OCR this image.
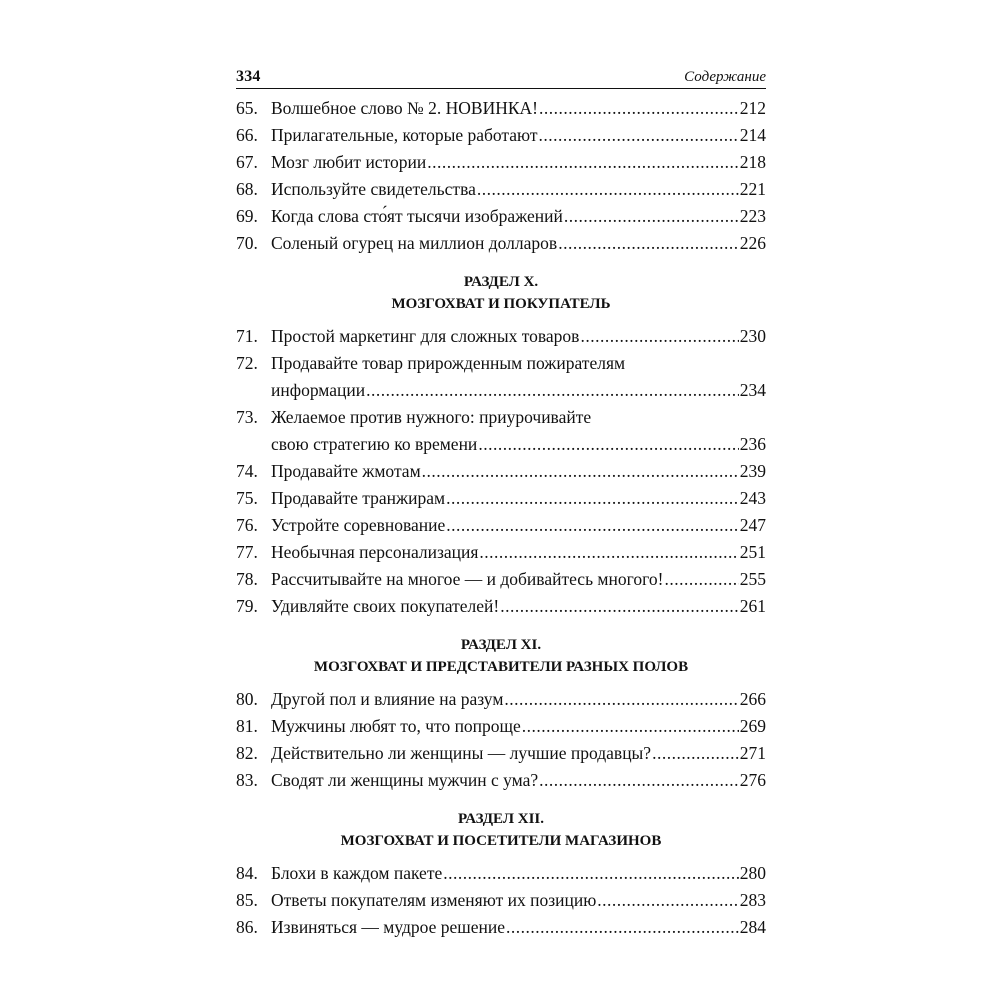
334	Содержание
65. Волшебное слово № 2. НОВИНКА! .....	212
66. Прилагательные, которые работают .....	214
67. Мозг любит истории .....	218
68. Используйте свидетельства .....	221
69. Когда слова сто́ят тысячи изображений .....	223
70. Соленый огурец на миллион долларов .....	226
РАЗДЕЛ X.
МОЗГОХВАТ И ПОКУПАТЕЛЬ
71. Простой маркетинг для сложных товаров .....	230
72. Продавайте товар прирожденным пожирателям
информации .....	234
73. Желаемое против нужного: приурочивайте
свою стратегию ко времени .....	236
74. Продавайте жмотам .....	239
75. Продавайте транжирам .....	243
76. Устройте соревнование .....	247
77. Необычная персонализация .....	251
78. Рассчитывайте на многое — и добивайтесь многого! .....	255
79. Удивляйте своих покупателей! .....	261
РАЗДЕЛ XI.
МОЗГОХВАТ И ПРЕДСТАВИТЕЛИ РАЗНЫХ ПОЛОВ
80. Другой пол и влияние на разум .....	266
81. Мужчины любят то, что попроще .....	269
82. Действительно ли женщины — лучшие продавцы? .....	271
83. Сводят ли женщины мужчин с ума? .....	276
РАЗДЕЛ XII.
МОЗГОХВАТ И ПОСЕТИТЕЛИ МАГАЗИНОВ
84. Блохи в каждом пакете .....	280
85. Ответы покупателям изменяют их позицию .....	283
86. Извиняться — мудрое решение .....	284
